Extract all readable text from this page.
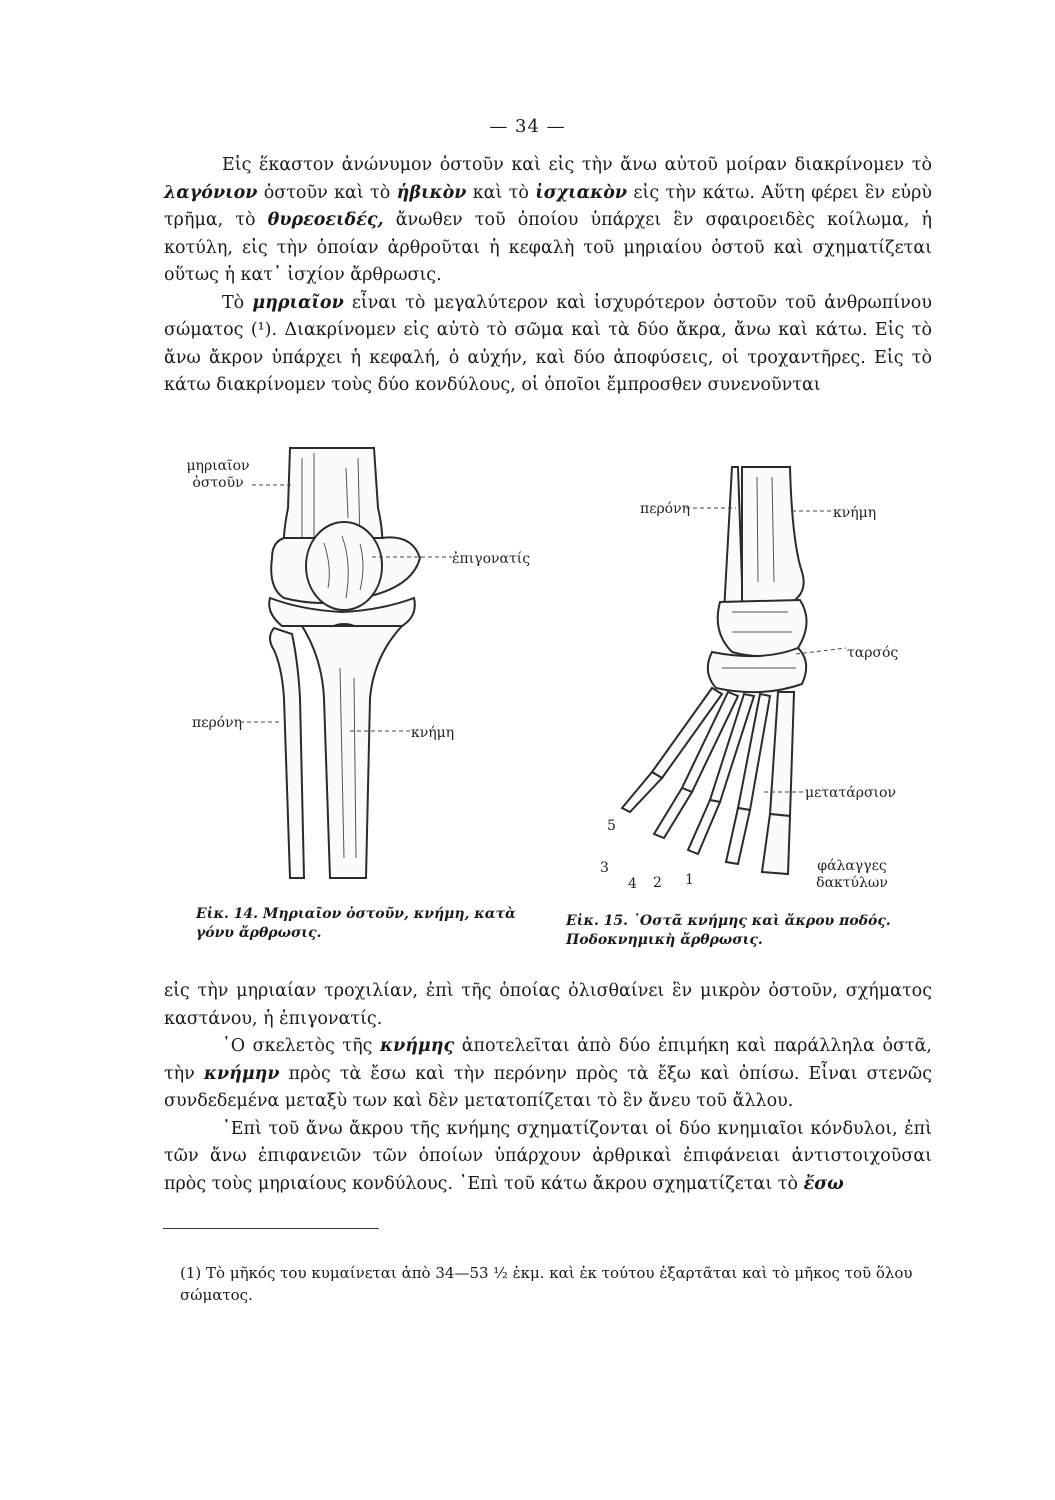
— 34 —

Εἰς ἕκαστον ἀνώνυμον ὀστοῦν καὶ εἰς τὴν ἄνω αὐτοῦ μοίραν διακρίνομεν τὸ λαγόνιον ὀστοῦν καὶ τὸ ἡβικὸν καὶ τὸ ἰσχιακὸν εἰς τὴν κάτω. Αὕτη φέρει ἓν εὐρὺ τρῆμα, τὸ θυρεοειδές, ἄνωθεν τοῦ ὁποίου ὑπάρχει ἓν σφαιροειδὲς κοίλωμα, ἡ κοτύλη, εἰς τὴν ὁποίαν ἀρθροῦται ἡ κεφαλὴ τοῦ μηριαίου ὀστοῦ καὶ σχηματίζεται οὕτως ἡ κατ᾽ ἰσχίον ἄρθρωσις.

Τὸ μηριαῖον εἶναι τὸ μεγαλύτερον καὶ ἰσχυρότερον ὀστοῦν τοῦ ἀνθρωπίνου σώματος (¹). Διακρίνομεν εἰς αὐτὸ τὸ σῶμα καὶ τὰ δύο ἄκρα, ἄνω καὶ κάτω. Εἰς τὸ ἄνω ἄκρον ὑπάρχει ἡ κεφαλή, ὁ αὐχήν, καὶ δύο ἀποφύσεις, οἱ τροχαντῆρες. Εἰς τὸ κάτω διακρίνομεν τοὺς δύο κονδύλους, οἱ ὁποῖοι ἔμπροσθεν συνενοῦνται

μηριαῖον ὀστοῦν
ἐπιγονατίς
περόνη
κνήμη
Εἰκ. 14. Μηριαῖον ὀστοῦν, κνήμη, κατὰ γόνυ ἄρθρωσις.
περόνη	κνήμη
ταρσός
μετατάρσιον
φάλαγγες δακτύλων
5
4
3
2 1
Εἰκ. 15. ᾽Οστᾶ κνήμης καὶ ἄκρου ποδός. Ποδοκνημικὴ ἄρθρωσις.

εἰς τὴν μηριαίαν τροχιλίαν, ἐπὶ τῆς ὁποίας ὀλισθαίνει ἓν μικρὸν ὀστοῦν, σχήματος καστάνου, ἡ ἐπιγονατίς.

῾Ο σκελετὸς τῆς κνήμης ἀποτελεῖται ἀπὸ δύο ἐπιμήκη καὶ παράλληλα ὀστᾶ, τὴν κνήμην πρὸς τὰ ἔσω καὶ τὴν περόνην πρὸς τὰ ἔξω καὶ ὀπίσω. Εἶναι στενῶς συνδεδεμένα μεταξὺ των καὶ δὲν μετατοπίζεται τὸ ἓν ἄνευ τοῦ ἄλλου.

᾽Επὶ τοῦ ἄνω ἄκρου τῆς κνήμης σχηματίζονται οἱ δύο κνημιαῖοι κόνδυλοι, ἐπὶ τῶν ἄνω ἐπιφανειῶν τῶν ὁποίων ὑπάρχουν ἀρθρικαὶ ἐπιφάνειαι ἀντιστοιχοῦσαι πρὸς τοὺς μηριαίους κονδύλους. ᾽Επὶ τοῦ κάτω ἄκρου σχηματίζεται τὸ ἔσω

(1) Τὸ μῆκός του κυμαίνεται ἀπὸ 34—53 ½ ἑκμ. καὶ ἐκ τούτου ἐξαρτᾶται καὶ τὸ μῆκος τοῦ ὅλου σώματος.
